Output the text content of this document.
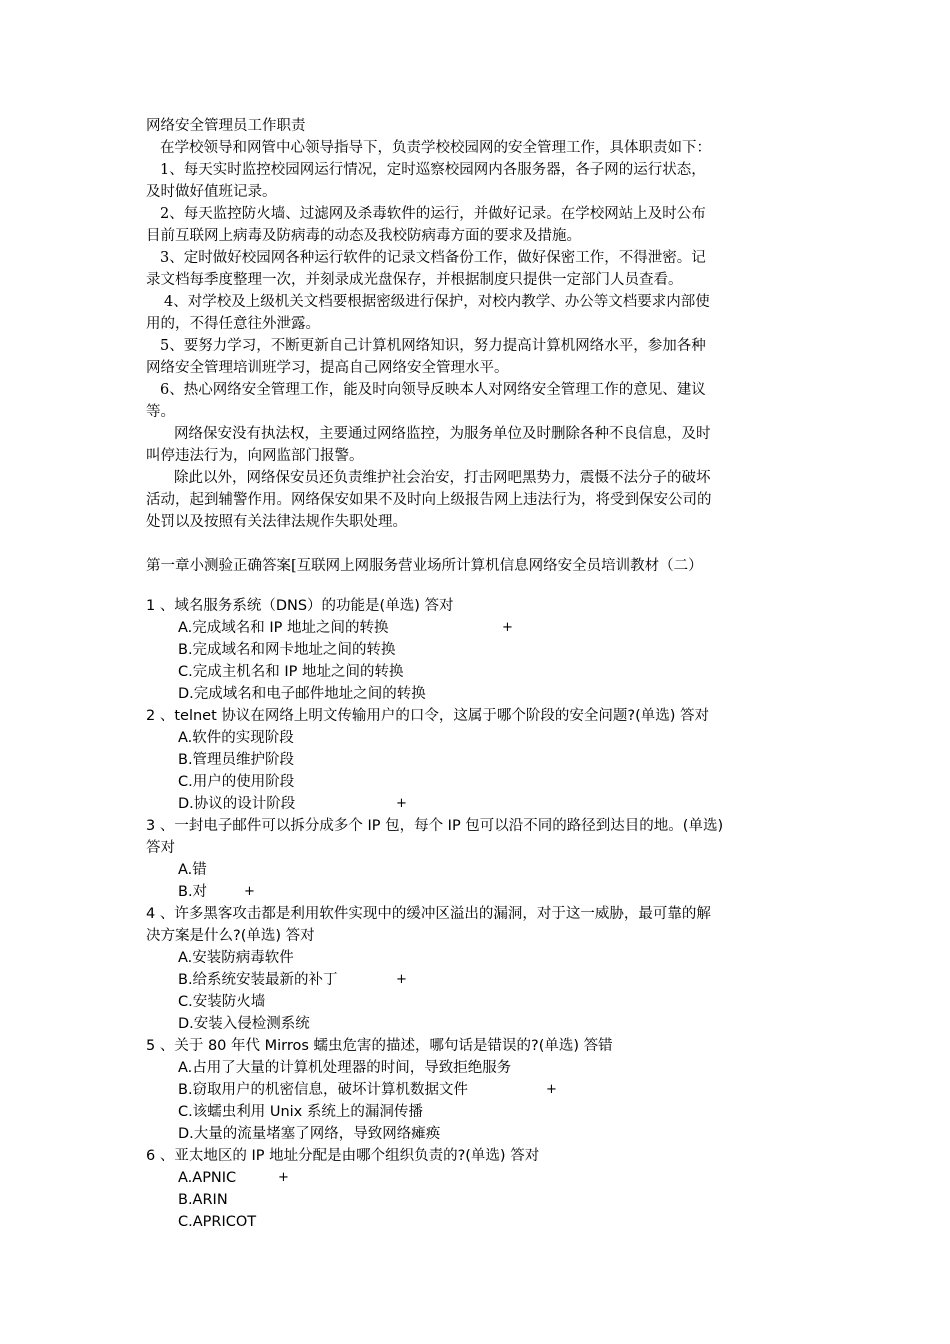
网络安全管理员工作职责
在学校领导和网管中心领导指导下，负责学校校园网的安全管理工作，具体职责如下：
1、每天实时监控校园网运行情况，定时巡察校园网内各服务器，各子网的运行状态，
及时做好值班记录。
2、每天监控防火墙、过滤网及杀毒软件的运行，并做好记录。在学校网站上及时公布
目前互联网上病毒及防病毒的动态及我校防病毒方面的要求及措施。
3、定时做好校园网各种运行软件的记录文档备份工作，做好保密工作，不得泄密。记
录文档每季度整理一次，并刻录成光盘保存，并根据制度只提供一定部门人员查看。
4、对学校及上级机关文档要根据密级进行保护，对校内教学、办公等文档要求内部使
用的，不得任意往外泄露。
5、要努力学习，不断更新自己计算机网络知识，努力提高计算机网络水平，参加各种
网络安全管理培训班学习，提高自己网络安全管理水平。
6、热心网络安全管理工作，能及时向领导反映本人对网络安全管理工作的意见、建议
等。
网络保安没有执法权，主要通过网络监控，为服务单位及时删除各种不良信息，及时
叫停违法行为，向网监部门报警。
除此以外，网络保安员还负责维护社会治安，打击网吧黑势力，震慑不法分子的破坏
活动，起到辅警作用。网络保安如果不及时向上级报告网上违法行为，将受到保安公司的
处罚以及按照有关法律法规作失职处理。
第一章小测验正确答案[互联网上网服务营业场所计算机信息网络安全员培训教材（二）
1 、域名服务系统（DNS）的功能是(单选) 答对
A.完成域名和 IP 地址之间的转换	+
B.完成域名和网卡地址之间的转换
C.完成主机名和 IP 地址之间的转换
D.完成域名和电子邮件地址之间的转换
2 、telnet 协议在网络上明文传输用户的口令，这属于哪个阶段的安全问题?(单选) 答对
A.软件的实现阶段
B.管理员维护阶段
C.用户的使用阶段
D.协议的设计阶段	+
3 、一封电子邮件可以拆分成多个 IP 包，每个 IP 包可以沿不同的路径到达目的地。(单选)
答对
A.错
B.对	+
4 、许多黑客攻击都是利用软件实现中的缓冲区溢出的漏洞，对于这一威胁，最可靠的解
决方案是什么?(单选) 答对
A.安装防病毒软件
B.给系统安装最新的补丁	+
C.安装防火墙
D.安装入侵检测系统
5 、关于 80 年代 Mirros 蠕虫危害的描述，哪句话是错误的?(单选) 答错
A.占用了大量的计算机处理器的时间，导致拒绝服务
B.窃取用户的机密信息，破坏计算机数据文件	+
C.该蠕虫利用 Unix 系统上的漏洞传播
D.大量的流量堵塞了网络，导致网络瘫痪
6 、亚太地区的 IP 地址分配是由哪个组织负责的?(单选) 答对
A.APNIC	+
B.ARIN
C.APRICOT
